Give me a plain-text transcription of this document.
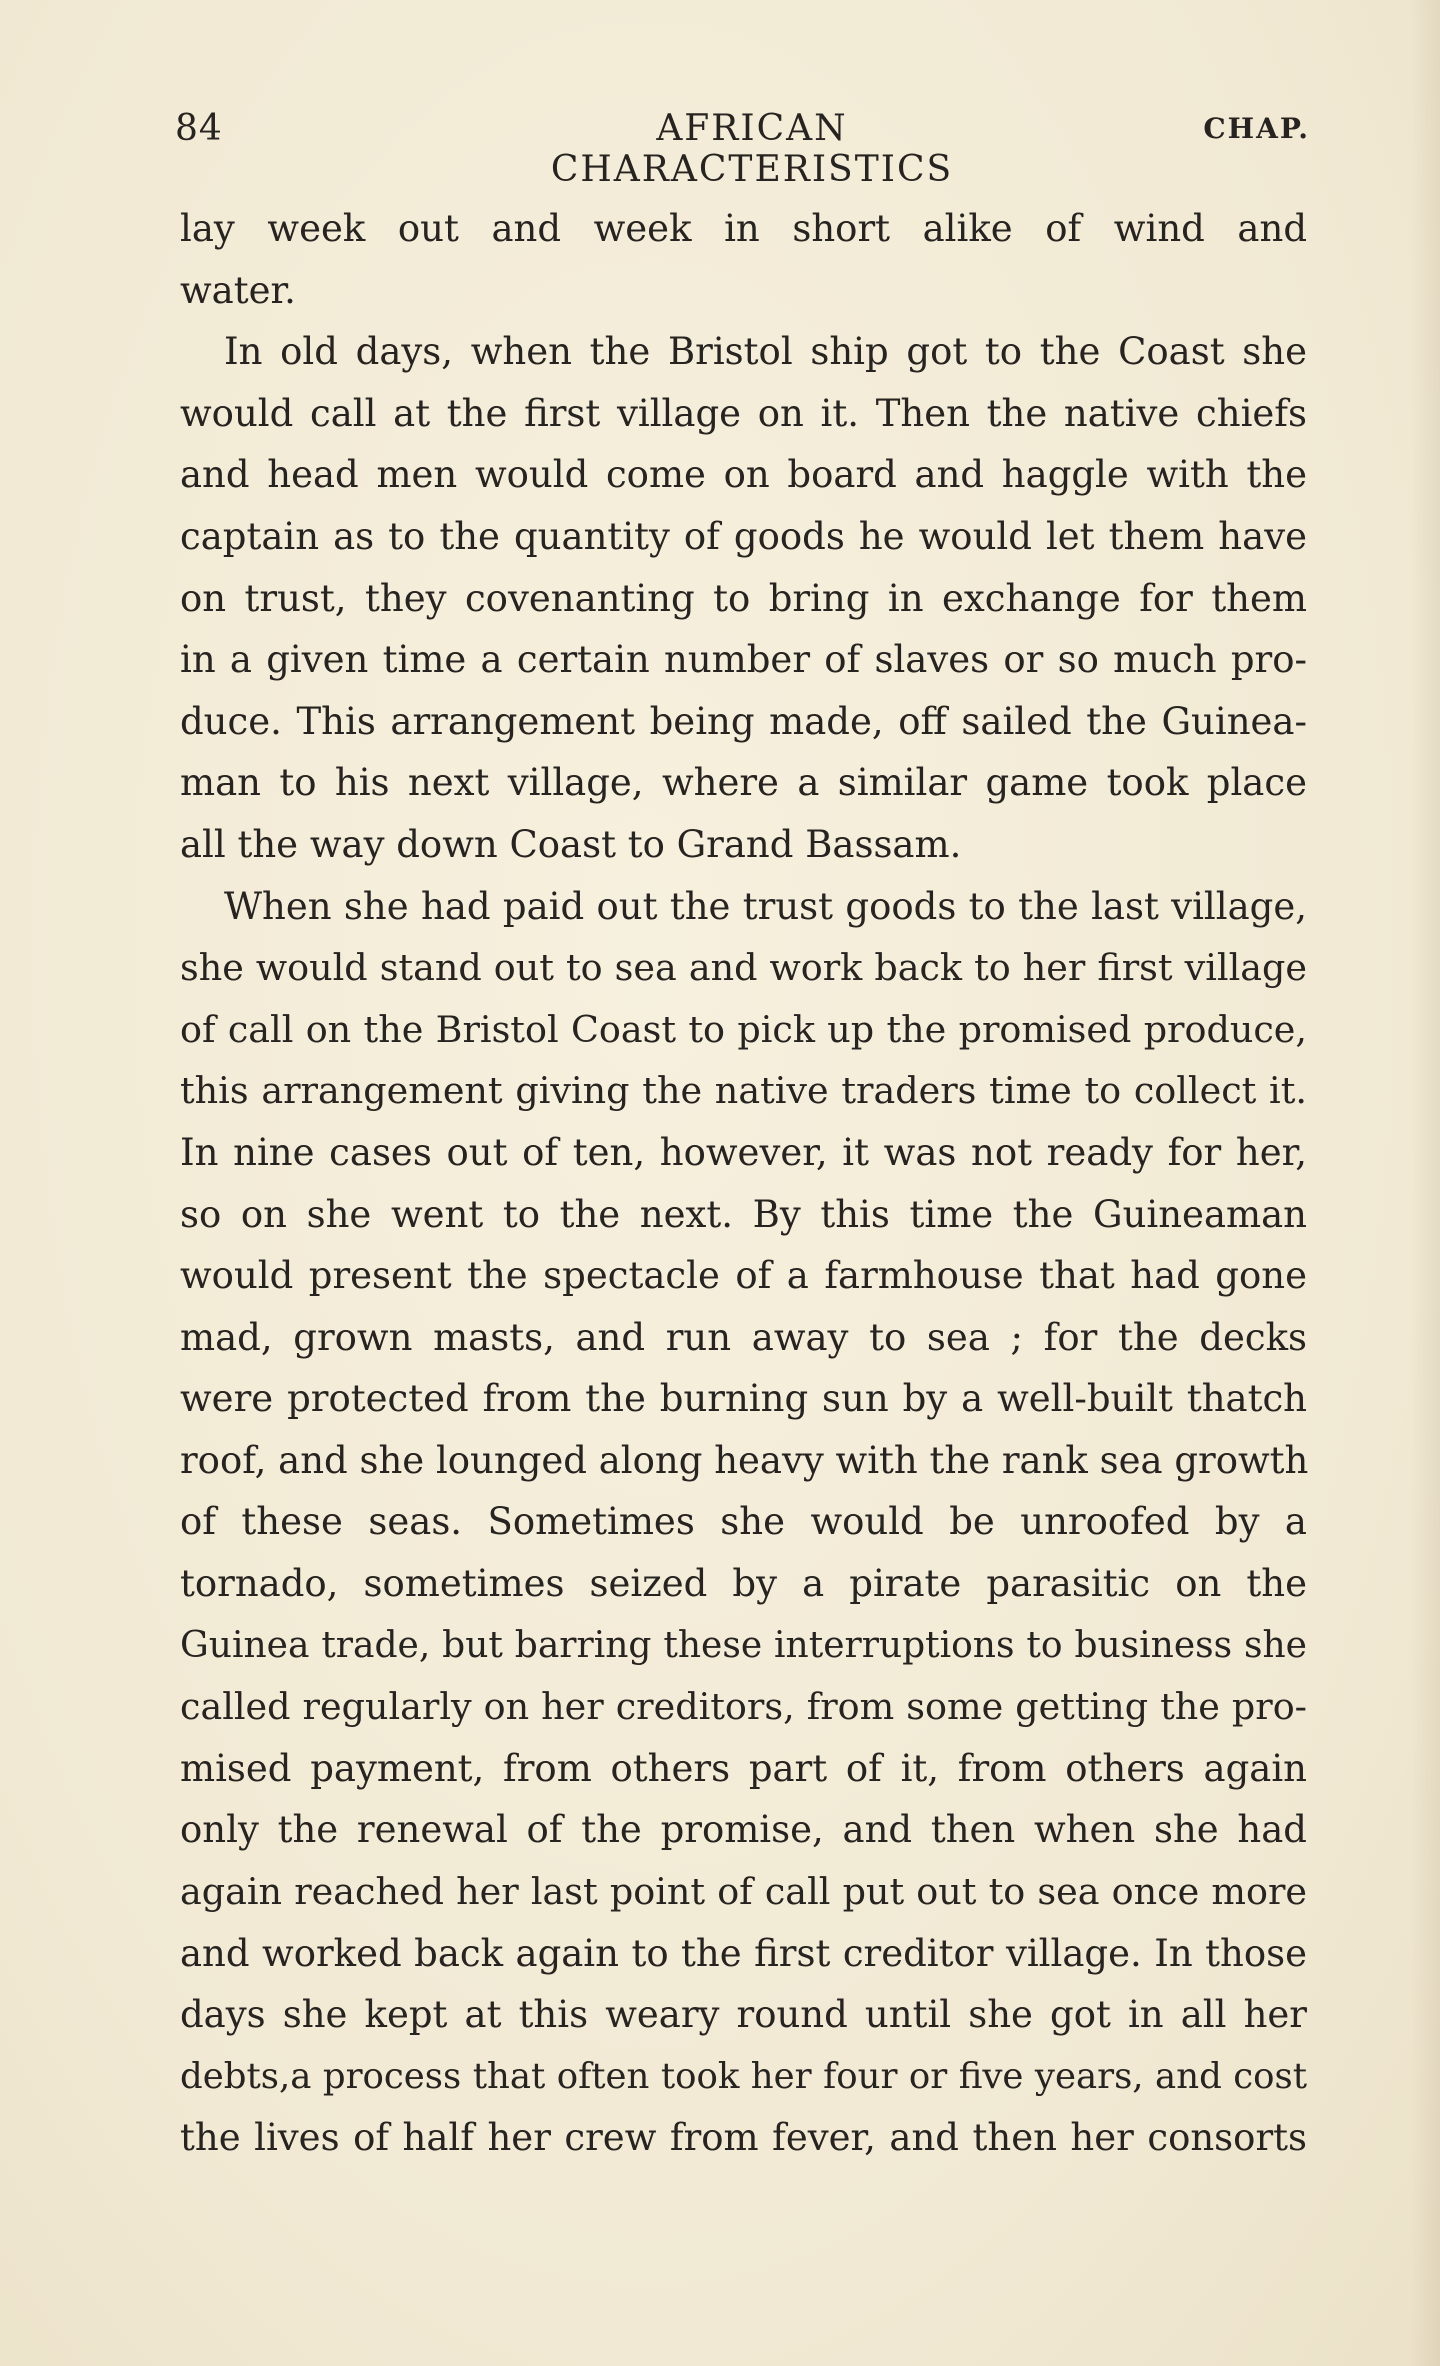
84	AFRICAN CHARACTERISTICS
CHAP.
lay week out and week in short alike of wind and
water.
In old days, when the Bristol ship got to the Coast she
would call at the first village on it. Then the native chiefs
and head men would come on board and haggle with the
captain as to the quantity of goods he would let them have
on trust, they covenanting to bring in exchange for them
in a given time a certain number of slaves or so much pro-
duce. This arrangement being made, off sailed the Guinea-
man to his next village, where a similar game took place
all the way down Coast to Grand Bassam.
When she had paid out the trust goods to the last village,
she would stand out to sea and work back to her first village
of call on the Bristol Coast to pick up the promised produce,
this arrangement giving the native traders time to collect it.
In nine cases out of ten, however, it was not ready for her,
so on she went to the next. By this time the Guineaman
would present the spectacle of a farmhouse that had gone
mad, grown masts, and run away to sea ; for the decks
were protected from the burning sun by a well-built thatch
roof, and she lounged along heavy with the rank sea growth
of these seas. Sometimes she would be unroofed by a
tornado, sometimes seized by a pirate parasitic on the
Guinea trade, but barring these interruptions to business she
called regularly on her creditors, from some getting the pro-
mised payment, from others part of it, from others again
only the renewal of the promise, and then when she had
again reached her last point of call put out to sea once more
and worked back again to the first creditor village. In those
days she kept at this weary round until she got in all her
debts,a process that often took her four or five years, and cost
the lives of half her crew from fever, and then her consorts
